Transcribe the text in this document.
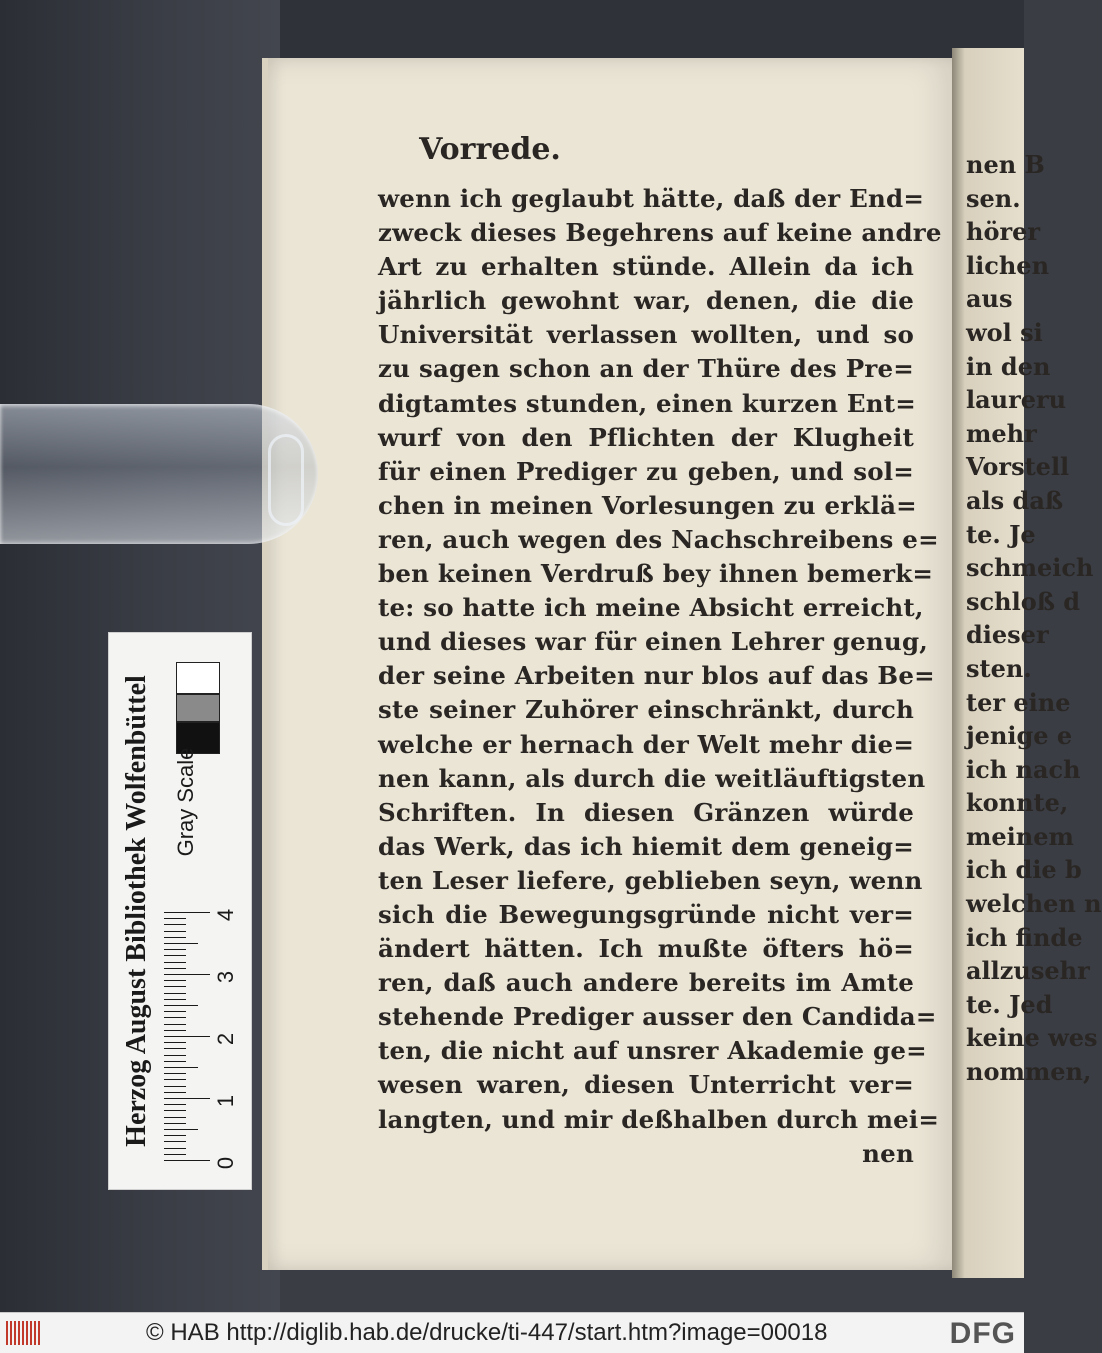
nen B
sen.
hörer
lichen
aus
wol si
in den
laureru
mehr
Vorstell
als daß
te. Je
schmeich
schloß d
dieser
sten.
ter eine
jenige e
ich nach
konnte,
meinem
ich die b
welchen n
ich finde
allzusehr
te. Jed
keine wes
nommen,
Vorrede.
wenn ich geglaubt hätte, daß der End=
zweck dieses Begehrens auf keine andre
Art zu erhalten stünde. Allein da ich
jährlich gewohnt war, denen, die die
Universität verlassen wollten, und so
zu sagen schon an der Thüre des Pre=
digtamtes stunden, einen kurzen Ent=
wurf von den Pflichten der Klugheit
für einen Prediger zu geben, und sol=
chen in meinen Vorlesungen zu erklä=
ren, auch wegen des Nachschreibens e=
ben keinen Verdruß bey ihnen bemerk=
te: so hatte ich meine Absicht erreicht,
und dieses war für einen Lehrer genug,
der seine Arbeiten nur blos auf das Be=
ste seiner Zuhörer einschränkt, durch
welche er hernach der Welt mehr die=
nen kann, als durch die weitläuftigsten
Schriften. In diesen Gränzen würde
das Werk, das ich hiemit dem geneig=
ten Leser liefere, geblieben seyn, wenn
sich die Bewegungsgründe nicht ver=
ändert hätten. Ich mußte öfters hö=
ren, daß auch andere bereits im Amte
stehende Prediger ausser den Candida=
ten, die nicht auf unsrer Akademie ge=
wesen waren, diesen Unterricht ver=
langten, und mir deßhalben durch mei=
nen
Herzog August Bibliothek Wolfenbüttel Gray Scale
© HAB http://diglib.hab.de/drucke/ti-447/start.htm?image=00018	DFG
0
1
2
3
4
